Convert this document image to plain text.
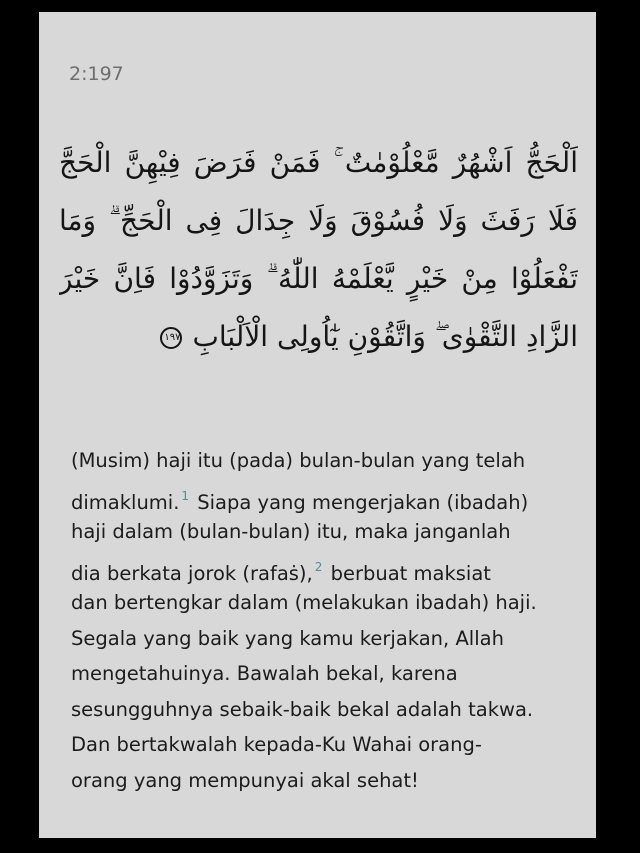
2:197

اَلْحَجُّ اَشْهُرٌ مَّعْلُوْمٰتٌ ۚ فَمَنْ فَرَضَ فِيْهِنَّ الْحَجَّ
فَلَا رَفَثَ وَلَا فُسُوْقَ وَلَا جِدَالَ فِى الْحَجِّ ۗ وَمَا
تَفْعَلُوْا مِنْ خَيْرٍ يَّعْلَمْهُ اللّٰهُ ۗ وَتَزَوَّدُوْا فَاِنَّ خَيْرَ
الزَّادِ التَّقْوٰى ۖ وَاتَّقُوْنِ يٰٓاُولِى الْاَلْبَابِ١٩٧
(Musim) haji itu (pada) bulan-bulan yang telah
dimaklumi. $^1$ Siapa yang mengerjakan (ibadah)
haji dalam (bulan-bulan) itu, maka janganlah
dia berkata jorok (rafaṡ), $^2$ berbuat maksiat
dan bertengkar dalam (melakukan ibadah) haji.
Segala yang baik yang kamu kerjakan, Allah
mengetahuinya. Bawalah bekal, karena
sesungguhnya sebaik-baik bekal adalah takwa.
Dan bertakwalah kepada-Ku Wahai orang-
orang yang mempunyai akal sehat!
